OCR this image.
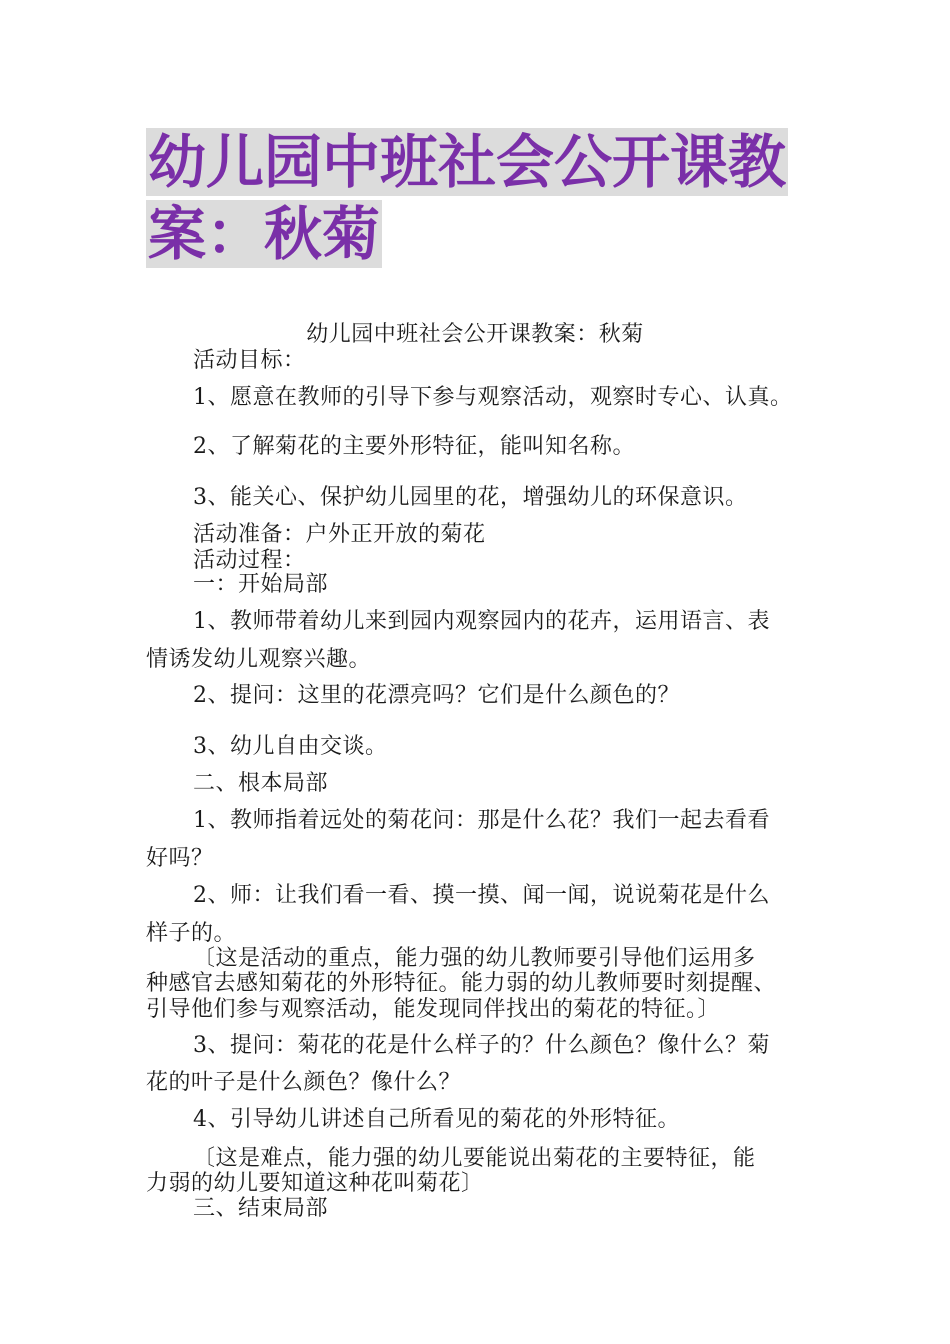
幼儿园中班社会公开课教
案：秋菊
幼儿园中班社会公开课教案：秋菊
活动目标：
1、愿意在教师的引导下参与观察活动，观察时专心、认真。
2、了解菊花的主要外形特征，能叫知名称。
3、能关心、保护幼儿园里的花，增强幼儿的环保意识。
活动准备：户外正开放的菊花
活动过程：
一：开始局部
1、教师带着幼儿来到园内观察园内的花卉，运用语言、表
情诱发幼儿观察兴趣。
2、提问：这里的花漂亮吗？它们是什么颜色的？
3、幼儿自由交谈。
二、根本局部
1、教师指着远处的菊花问：那是什么花？我们一起去看看
好吗？
2、师：让我们看一看、摸一摸、闻一闻，说说菊花是什么
样子的。
〔这是活动的重点，能力强的幼儿教师要引导他们运用多
种感官去感知菊花的外形特征。能力弱的幼儿教师要时刻提醒、
引导他们参与观察活动，能发现同伴找出的菊花的特征。〕
3、提问：菊花的花是什么样子的？什么颜色？像什么？菊
花的叶子是什么颜色？像什么？
4、引导幼儿讲述自己所看见的菊花的外形特征。
〔这是难点，能力强的幼儿要能说出菊花的主要特征，能
力弱的幼儿要知道这种花叫菊花〕
三、结束局部
